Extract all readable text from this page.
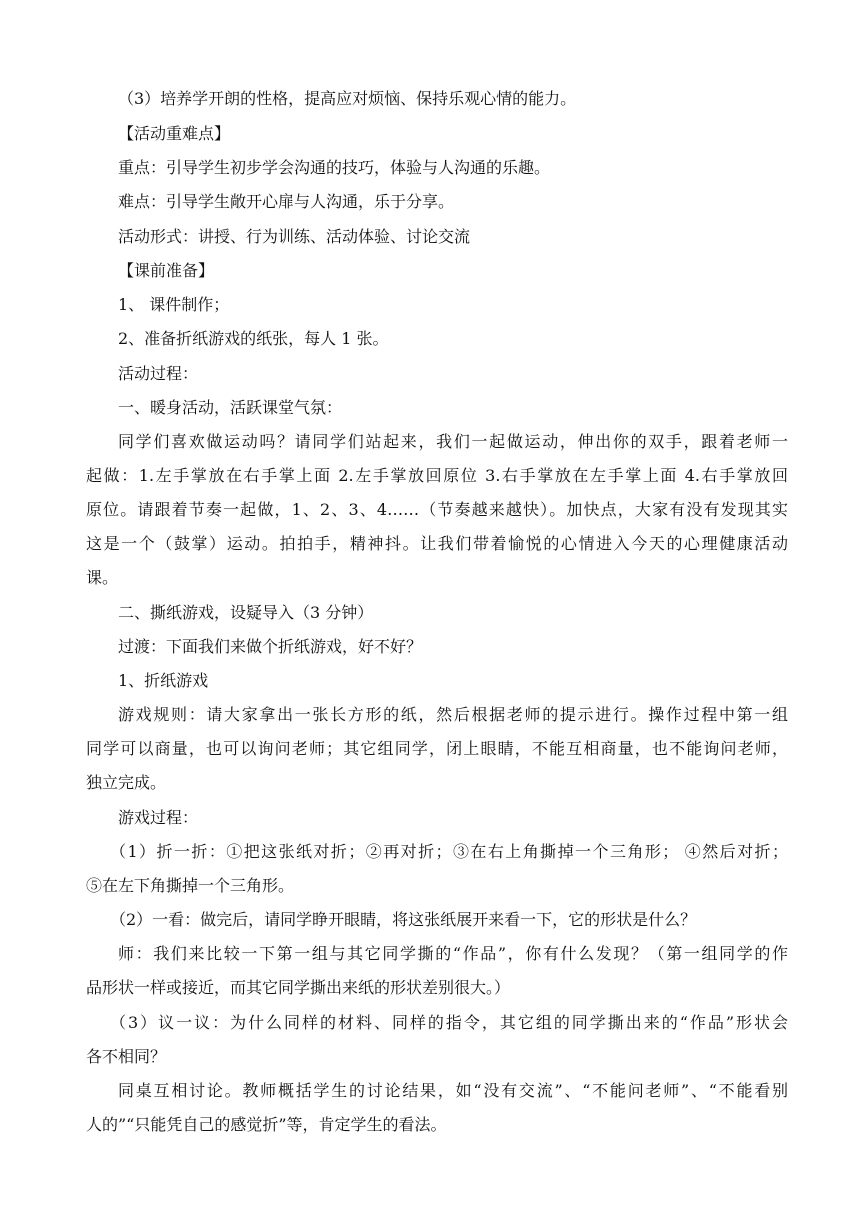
（3）培养学开朗的性格，提高应对烦恼、保持乐观心情的能力。

【活动重难点】

重点：引导学生初步学会沟通的技巧，体验与人沟通的乐趣。

难点：引导学生敞开心扉与人沟通，乐于分享。

活动形式：讲授、行为训练、活动体验、讨论交流

【课前准备】

1、 课件制作；

2、准备折纸游戏的纸张，每人 1 张。

活动过程：

一、暖身活动，活跃课堂气氛：

同学们喜欢做运动吗？请同学们站起来，我们一起做运动，伸出你的双手，跟着老师一

起做：1.左手掌放在右手掌上面 2.左手掌放回原位 3.右手掌放在左手掌上面 4.右手掌放回

原位。请跟着节奏一起做，1、2、3、4……（节奏越来越快）。加快点，大家有没有发现其实

这是一个（鼓掌）运动。拍拍手，精神抖。让我们带着愉悦的心情进入今天的心理健康活动

课。

二、撕纸游戏，设疑导入（3 分钟）

过渡：下面我们来做个折纸游戏，好不好？

1、折纸游戏

游戏规则：请大家拿出一张长方形的纸，然后根据老师的提示进行。操作过程中第一组

同学可以商量，也可以询问老师；其它组同学，闭上眼睛，不能互相商量，也不能询问老师，

独立完成。

游戏过程：

（1）折一折：①把这张纸对折；②再对折；③在右上角撕掉一个三角形； ④然后对折；

⑤在左下角撕掉一个三角形。

（2）一看：做完后，请同学睁开眼睛，将这张纸展开来看一下，它的形状是什么？

师：我们来比较一下第一组与其它同学撕的“作品”，你有什么发现？（第一组同学的作

品形状一样或接近，而其它同学撕出来纸的形状差别很大。）

（3）议一议：为什么同样的材料、同样的指令，其它组的同学撕出来的“作品”形状会

各不相同？

同桌互相讨论。教师概括学生的讨论结果，如“没有交流”、“不能问老师”、“不能看别

人的”“只能凭自己的感觉折”等，肯定学生的看法。
